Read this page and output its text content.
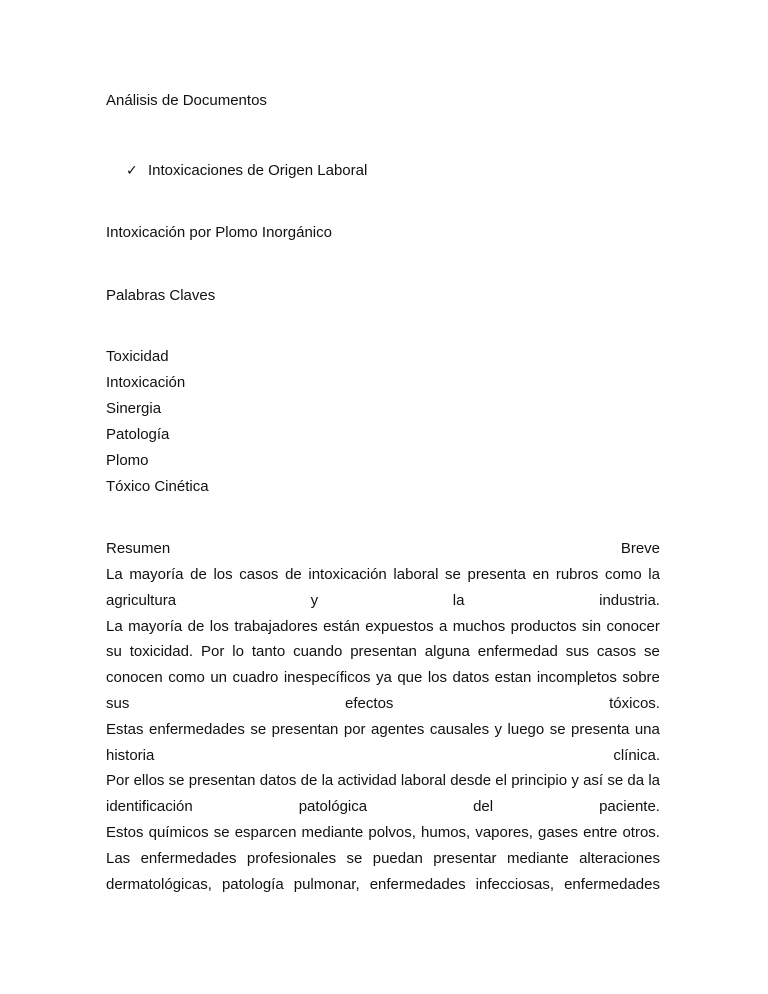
Análisis de Documentos
✓ Intoxicaciones de Origen Laboral
Intoxicación por Plomo Inorgánico
Palabras Claves
Toxicidad
Intoxicación
Sinergia
Patología
Plomo
Tóxico Cinética
Resumen	Breve
La mayoría de los casos de intoxicación laboral se presenta en rubros como la
agricultura	y	la	industria.
La mayoría de los trabajadores están expuestos a muchos productos sin conocer
su toxicidad. Por lo tanto cuando presentan alguna enfermedad sus casos se
conocen como un cuadro inespecíficos ya que los datos estan incompletos sobre
sus	efectos	tóxicos.
Estas enfermedades se presentan por agentes causales y luego se presenta una
historia	clínica.
Por ellos se presentan datos de la actividad laboral desde el principio y así se da la
identificación	patológica	del	paciente.
Estos químicos se esparcen mediante polvos, humos, vapores, gases entre otros.
Las enfermedades profesionales se puedan presentar mediante alteraciones
dermatológicas, patología pulmonar, enfermedades infecciosas, enfermedades
